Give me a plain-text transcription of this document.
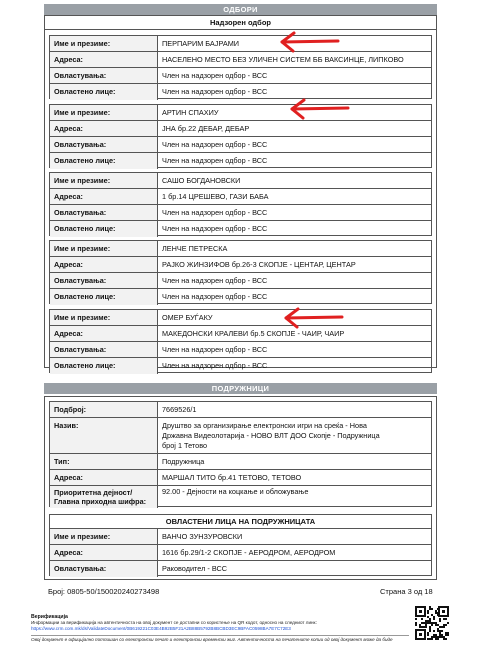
ОДБОРИ
Надзорен одбор
Име и презиме:	ПЕРПАРИМ БАЈРАМИ
Адреса:	НАСЕЛЕНО МЕСТО БЕЗ УЛИЧЕН СИСТЕМ ББ ВАКСИНЦЕ, ЛИПКОВО
Овластувања:	Член на надзорен одбор - ВСС
Овластено лице:	Член на надзорен одбор - ВСС
Име и презиме:	АРТИН СПАХИУ
Адреса:	ЈНА бр.22 ДЕБАР, ДЕБАР
Овластувања:	Член на надзорен одбор - ВСС
Овластено лице:	Член на надзорен одбор - ВСС
Име и презиме:	САШО БОГДАНОВСКИ
Адреса:	1 бр.14 ЦРЕШЕВО, ГАЗИ БАБА
Овластувања:	Член на надзорен одбор - ВСС
Овластено лице:	Член на надзорен одбор - ВСС
Име и презиме:	ЛЕНЧЕ ПЕТРЕСКА
Адреса:	РАЈКО ЖИНЗИФОВ бр.26-3 СКОПЈЕ - ЦЕНТАР, ЦЕНТАР
Овластувања:	Член на надзорен одбор - ВСС
Овластено лице:	Член на надзорен одбор - ВСС
Име и презиме:	ОМЕР БУЃАКУ
Адреса:	МАКЕДОНСКИ КРАЛЕВИ бр.5 СКОПЈЕ - ЧАИР, ЧАИР
Овластувања:	Член на надзорен одбор - ВСС
Овластено лице:	Член на надзорен одбор - ВСС
ПОДРУЖНИЦИ
Подброј:	7669526/1
Назив:	Друштво за организирање електронски игри на среќа - Нова
Државна Видеолотарија - НОВО ВЛТ ДОО Скопје - Подружница
број 1 Тетово
Тип:	Подружница
Адреса:	МАРШАЛ ТИТО бр.41 ТЕТОВО, ТЕТОВО
Приоритетна дејност/
Главна приходна шифра:
92.00 - Дејности на коцкање и обложување
ОВЛАСТЕНИ ЛИЦА НА ПОДРУЖНИЦАТА
Име и презиме:	ВАНЧО ЗУНЗУРОВСКИ
Адреса:	1616 бр.29/1-2 СКОПЈЕ - АЕРОДРОМ, АЕРОДРОМ
Овластувања:	Раководител - ВСС
Број: 0805-50/150020240273498	Страна 3 од 18
Верификација
Информации за верификација на автентичноста на овој документ се достапни со користење на QR кодот, односно на следниот линк:
https://www.crm.com.mk/ds/ValidateDocument/0B619221C03E4B92B5F21A2B88B5792B8BCBD3EC9BFAC0598BA7E7C72E3
Овој документ е официјално потпишан со електронски печат и електронски временски жиг. Автентичноста на печатените копии од овој документ може да биде
